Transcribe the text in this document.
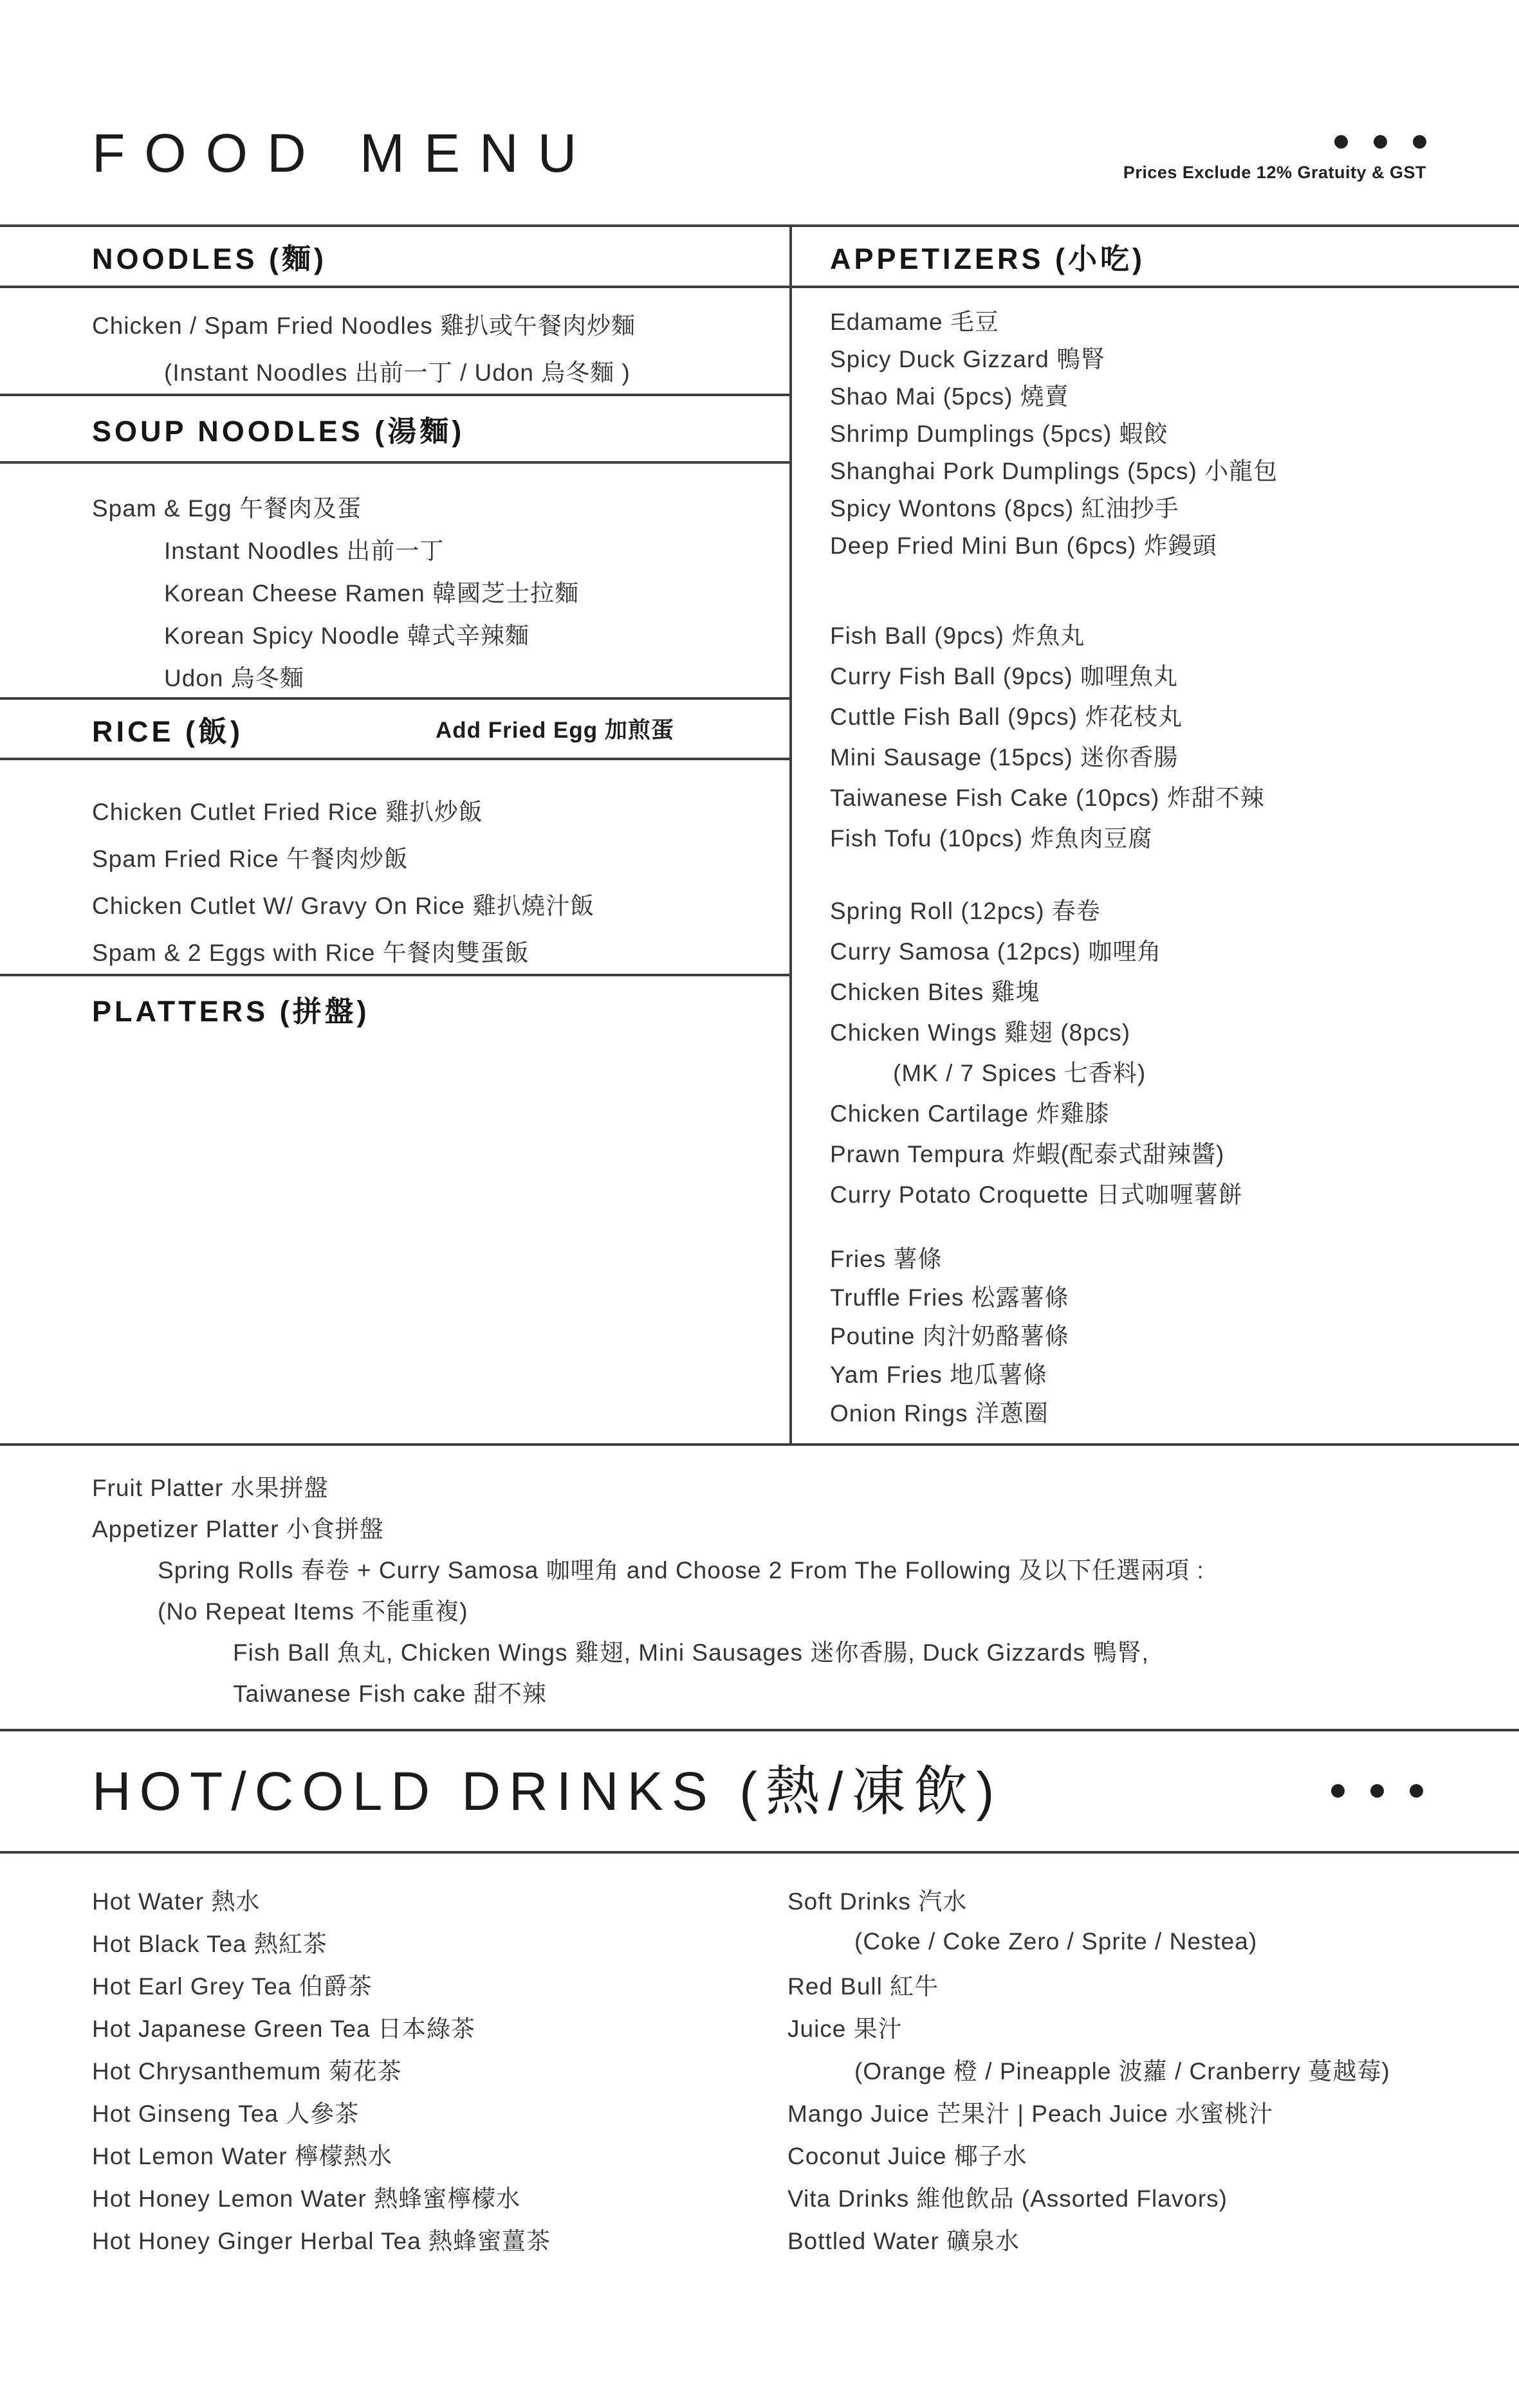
FOOD MENU	Prices Exclude 12% Gratuity & GST
NOODLES (麵)
Chicken / Spam Fried Noodles 雞扒或午餐肉炒麵
(Instant Noodles 出前一丁 / Udon 烏冬麵 )
SOUP NOODLES (湯麵)
Spam & Egg 午餐肉及蛋
Instant Noodles 出前一丁
Korean Cheese Ramen 韓國芝士拉麵
Korean Spicy Noodle 韓式辛辣麵
Udon 烏冬麵
RICE (飯)	Add Fried Egg 加煎蛋
Chicken Cutlet Fried Rice 雞扒炒飯
Spam Fried Rice 午餐肉炒飯
Chicken Cutlet W/ Gravy On Rice 雞扒燒汁飯
Spam & 2 Eggs with Rice 午餐肉雙蛋飯
PLATTERS (拼盤)
APPETIZERS (小吃)
Edamame 毛豆
Spicy Duck Gizzard 鴨腎
Shao Mai (5pcs) 燒賣
Shrimp Dumplings (5pcs) 蝦餃
Shanghai Pork Dumplings (5pcs) 小龍包
Spicy Wontons (8pcs) 紅油抄手
Deep Fried Mini Bun (6pcs) 炸鏝頭
Fish Ball (9pcs) 炸魚丸
Curry Fish Ball (9pcs) 咖哩魚丸
Cuttle Fish Ball (9pcs) 炸花枝丸
Mini Sausage (15pcs) 迷你香腸
Taiwanese Fish Cake (10pcs) 炸甜不辣
Fish Tofu (10pcs) 炸魚肉豆腐
Spring Roll (12pcs) 春卷
Curry Samosa (12pcs) 咖哩角
Chicken Bites 雞塊
Chicken Wings 雞翅 (8pcs)
(MK / 7 Spices 七香料)
Chicken Cartilage 炸雞膝
Prawn Tempura 炸蝦(配泰式甜辣醬)
Curry Potato Croquette 日式咖喱薯餅
Fries 薯條
Truffle Fries 松露薯條
Poutine 肉汁奶酪薯條
Yam Fries 地瓜薯條
Onion Rings 洋蔥圈
Fruit Platter 水果拼盤
Appetizer Platter 小食拼盤
Spring Rolls 春卷 + Curry Samosa 咖哩角 and Choose 2 From The Following 及以下任選兩項 :
(No Repeat Items 不能重複)
Fish Ball 魚丸, Chicken Wings 雞翅, Mini Sausages 迷你香腸, Duck Gizzards 鴨腎,
Taiwanese Fish cake 甜不辣
HOT/COLD DRINKS (熱/凍飲)
Hot Water 熱水
Hot Black Tea 熱紅茶
Hot Earl Grey Tea 伯爵茶
Hot Japanese Green Tea 日本綠茶
Hot Chrysanthemum 菊花茶
Hot Ginseng Tea 人參茶
Hot Lemon Water 檸檬熱水
Hot Honey Lemon Water 熱蜂蜜檸檬水
Hot Honey Ginger Herbal Tea 熱蜂蜜薑茶
Soft Drinks 汽水
(Coke / Coke Zero / Sprite / Nestea)
Red Bull 紅牛
Juice 果汁
(Orange 橙 / Pineapple 波蘿 / Cranberry 蔓越莓)
Mango Juice 芒果汁 | Peach Juice 水蜜桃汁
Coconut Juice 椰子水
Vita Drinks 維他飲品 (Assorted Flavors)
Bottled Water 礦泉水
